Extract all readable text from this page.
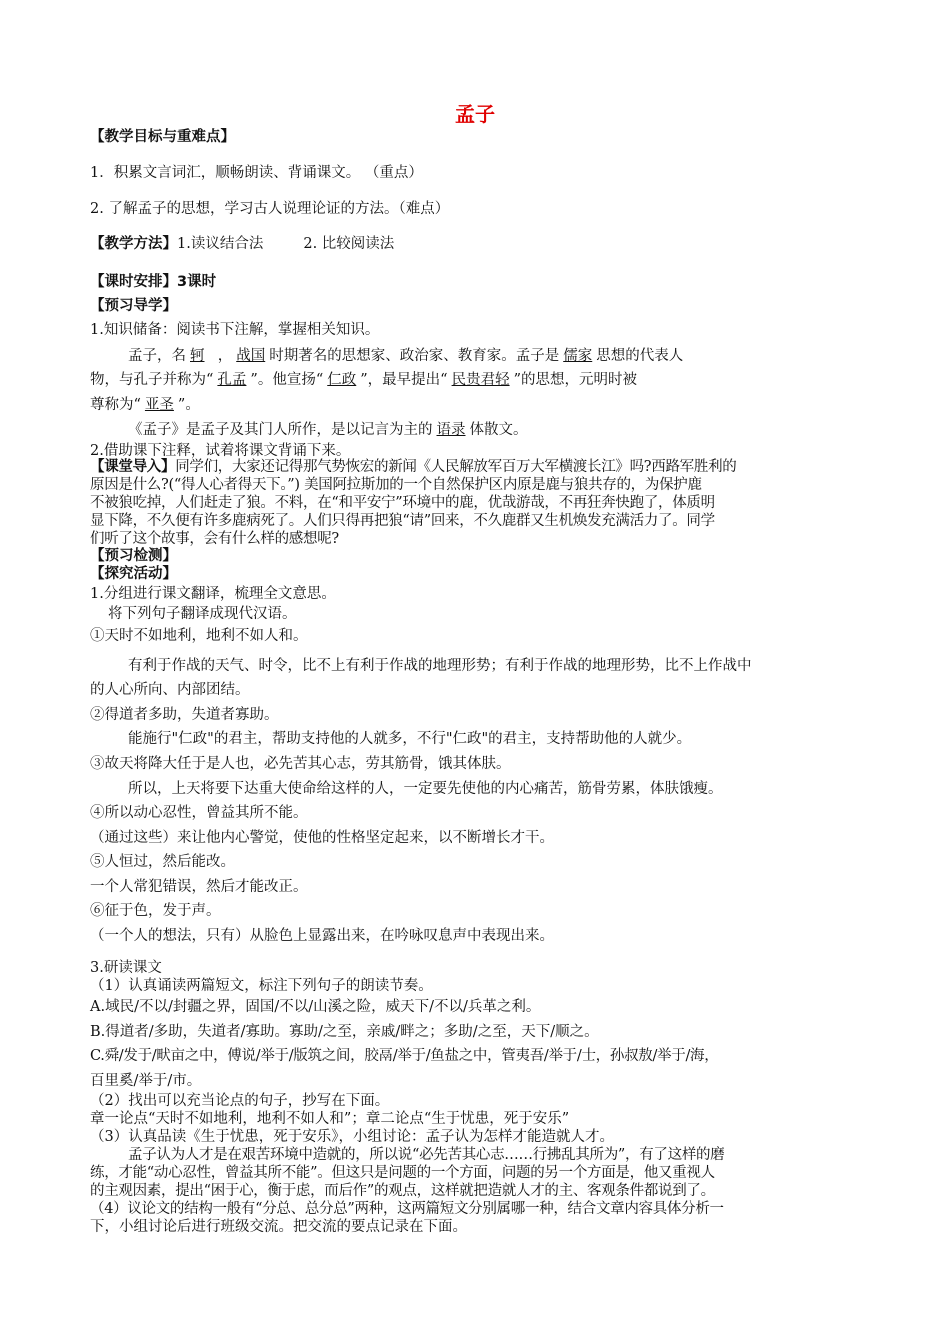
孟子
【教学目标与重难点】
1．积累文言词汇，顺畅朗读、背诵课文。 （重点）
2. 了解孟子的思想，学习古人说理论证的方法。（难点）
【教学方法】1.读议结合法	2. 比较阅读法
【课时安排】3课时
【预习导学】
1.知识储备：阅读书下注解，掌握相关知识。
孟子，名 轲 ， 战国 时期著名的思想家、政治家、教育家。孟子是 儒家 思想的代表人
物，与孔子并称为“ 孔孟 ”。他宣扬“ 仁政 ”，最早提出“ 民贵君轻 ”的思想，元明时被
尊称为“ 亚圣 ”。
《孟子》是孟子及其门人所作，是以记言为主的 语录 体散文。
2.借助课下注释，试着将课文背诵下来。
【课堂导入】同学们，大家还记得那气势恢宏的新闻《人民解放军百万大军横渡长江》吗?西路军胜利的
原因是什么?(“得人心者得天下。”) 美国阿拉斯加的一个自然保护区内原是鹿与狼共存的，为保护鹿
不被狼吃掉，人们赶走了狼。不料，在“和平安宁”环境中的鹿，优哉游哉，不再狂奔快跑了，体质明
显下降，不久便有许多鹿病死了。人们只得再把狼“请”回来，不久鹿群又生机焕发充满活力了。同学
们听了这个故事，会有什么样的感想呢?
【预习检测】
【探究活动】
1.分组进行课文翻译，梳理全文意思。
将下列句子翻译成现代汉语。
①天时不如地利，地利不如人和。
有利于作战的天气、时令，比不上有利于作战的地理形势；有利于作战的地理形势，比不上作战中
的人心所向、内部团结。
②得道者多助，失道者寡助。
能施行"仁政"的君主，帮助支持他的人就多，不行"仁政"的君主，支持帮助他的人就少。
③故天将降大任于是人也，必先苦其心志，劳其筋骨，饿其体肤。
所以，上天将要下达重大使命给这样的人，一定要先使他的内心痛苦，筋骨劳累，体肤饿瘦。
④所以动心忍性，曾益其所不能。
（通过这些）来让他内心警觉，使他的性格坚定起来，以不断增长才干。
⑤人恒过，然后能改。
一个人常犯错误，然后才能改正。
⑥征于色，发于声。
（一个人的想法，只有）从脸色上显露出来，在吟咏叹息声中表现出来。
3.研读课文
（1）认真诵读两篇短文，标注下列句子的朗读节奏。
A.域民/不以/封疆之界，固国/不以/山溪之险，威天下/不以/兵革之利。
B.得道者/多助，失道者/寡助。寡助/之至，亲戚/畔之；多助/之至，天下/顺之。
C.舜/发于/畎亩之中，傅说/举于/版筑之间，胶鬲/举于/鱼盐之中，管夷吾/举于/士，孙叔敖/举于/海，
百里奚/举于/市。
（2）找出可以充当论点的句子，抄写在下面。
章一论点“天时不如地利，地利不如人和”；章二论点“生于忧患，死于安乐”
（3）认真品读《生于忧患，死于安乐》，小组讨论：孟子认为怎样才能造就人才。
孟子认为人才是在艰苦环境中造就的，所以说“必先苦其心志……行拂乱其所为”，有了这样的磨
练，才能“动心忍性，曾益其所不能”。但这只是问题的一个方面，问题的另一个方面是，他又重视人
的主观因素，提出“困于心，衡于虑，而后作”的观点，这样就把造就人才的主、客观条件都说到了。
（4）议论文的结构一般有“分总、总分总”两种，这两篇短文分别属哪一种，结合文章内容具体分析一
下，小组讨论后进行班级交流。把交流的要点记录在下面。
